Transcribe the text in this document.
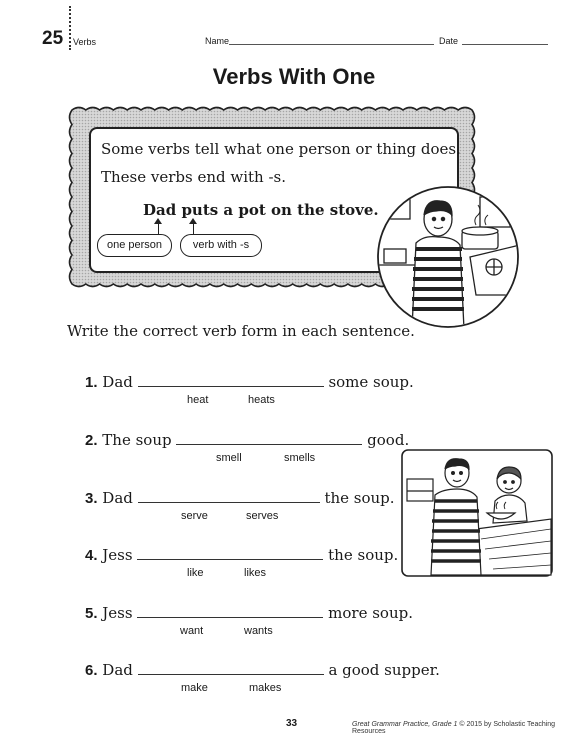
25 Verbs	Name	Date
Verbs With One
Some verbs tell what one person or thing does.
These verbs end with -s.
Dad puts a pot on the stove.
one person	verb with -s
Write the correct verb form in each sentence.
1. Dad	some soup.
heat	heats
2. The soup	good.
smell	smells
3. Dad	the soup.
serve	serves
4. Jess	the soup.
like	likes
5. Jess	more soup.
want	wants
6. Dad	a good supper.
make	makes
33	Great Grammar Practice, Grade 1 © 2015 by Scholastic Teaching Resources
